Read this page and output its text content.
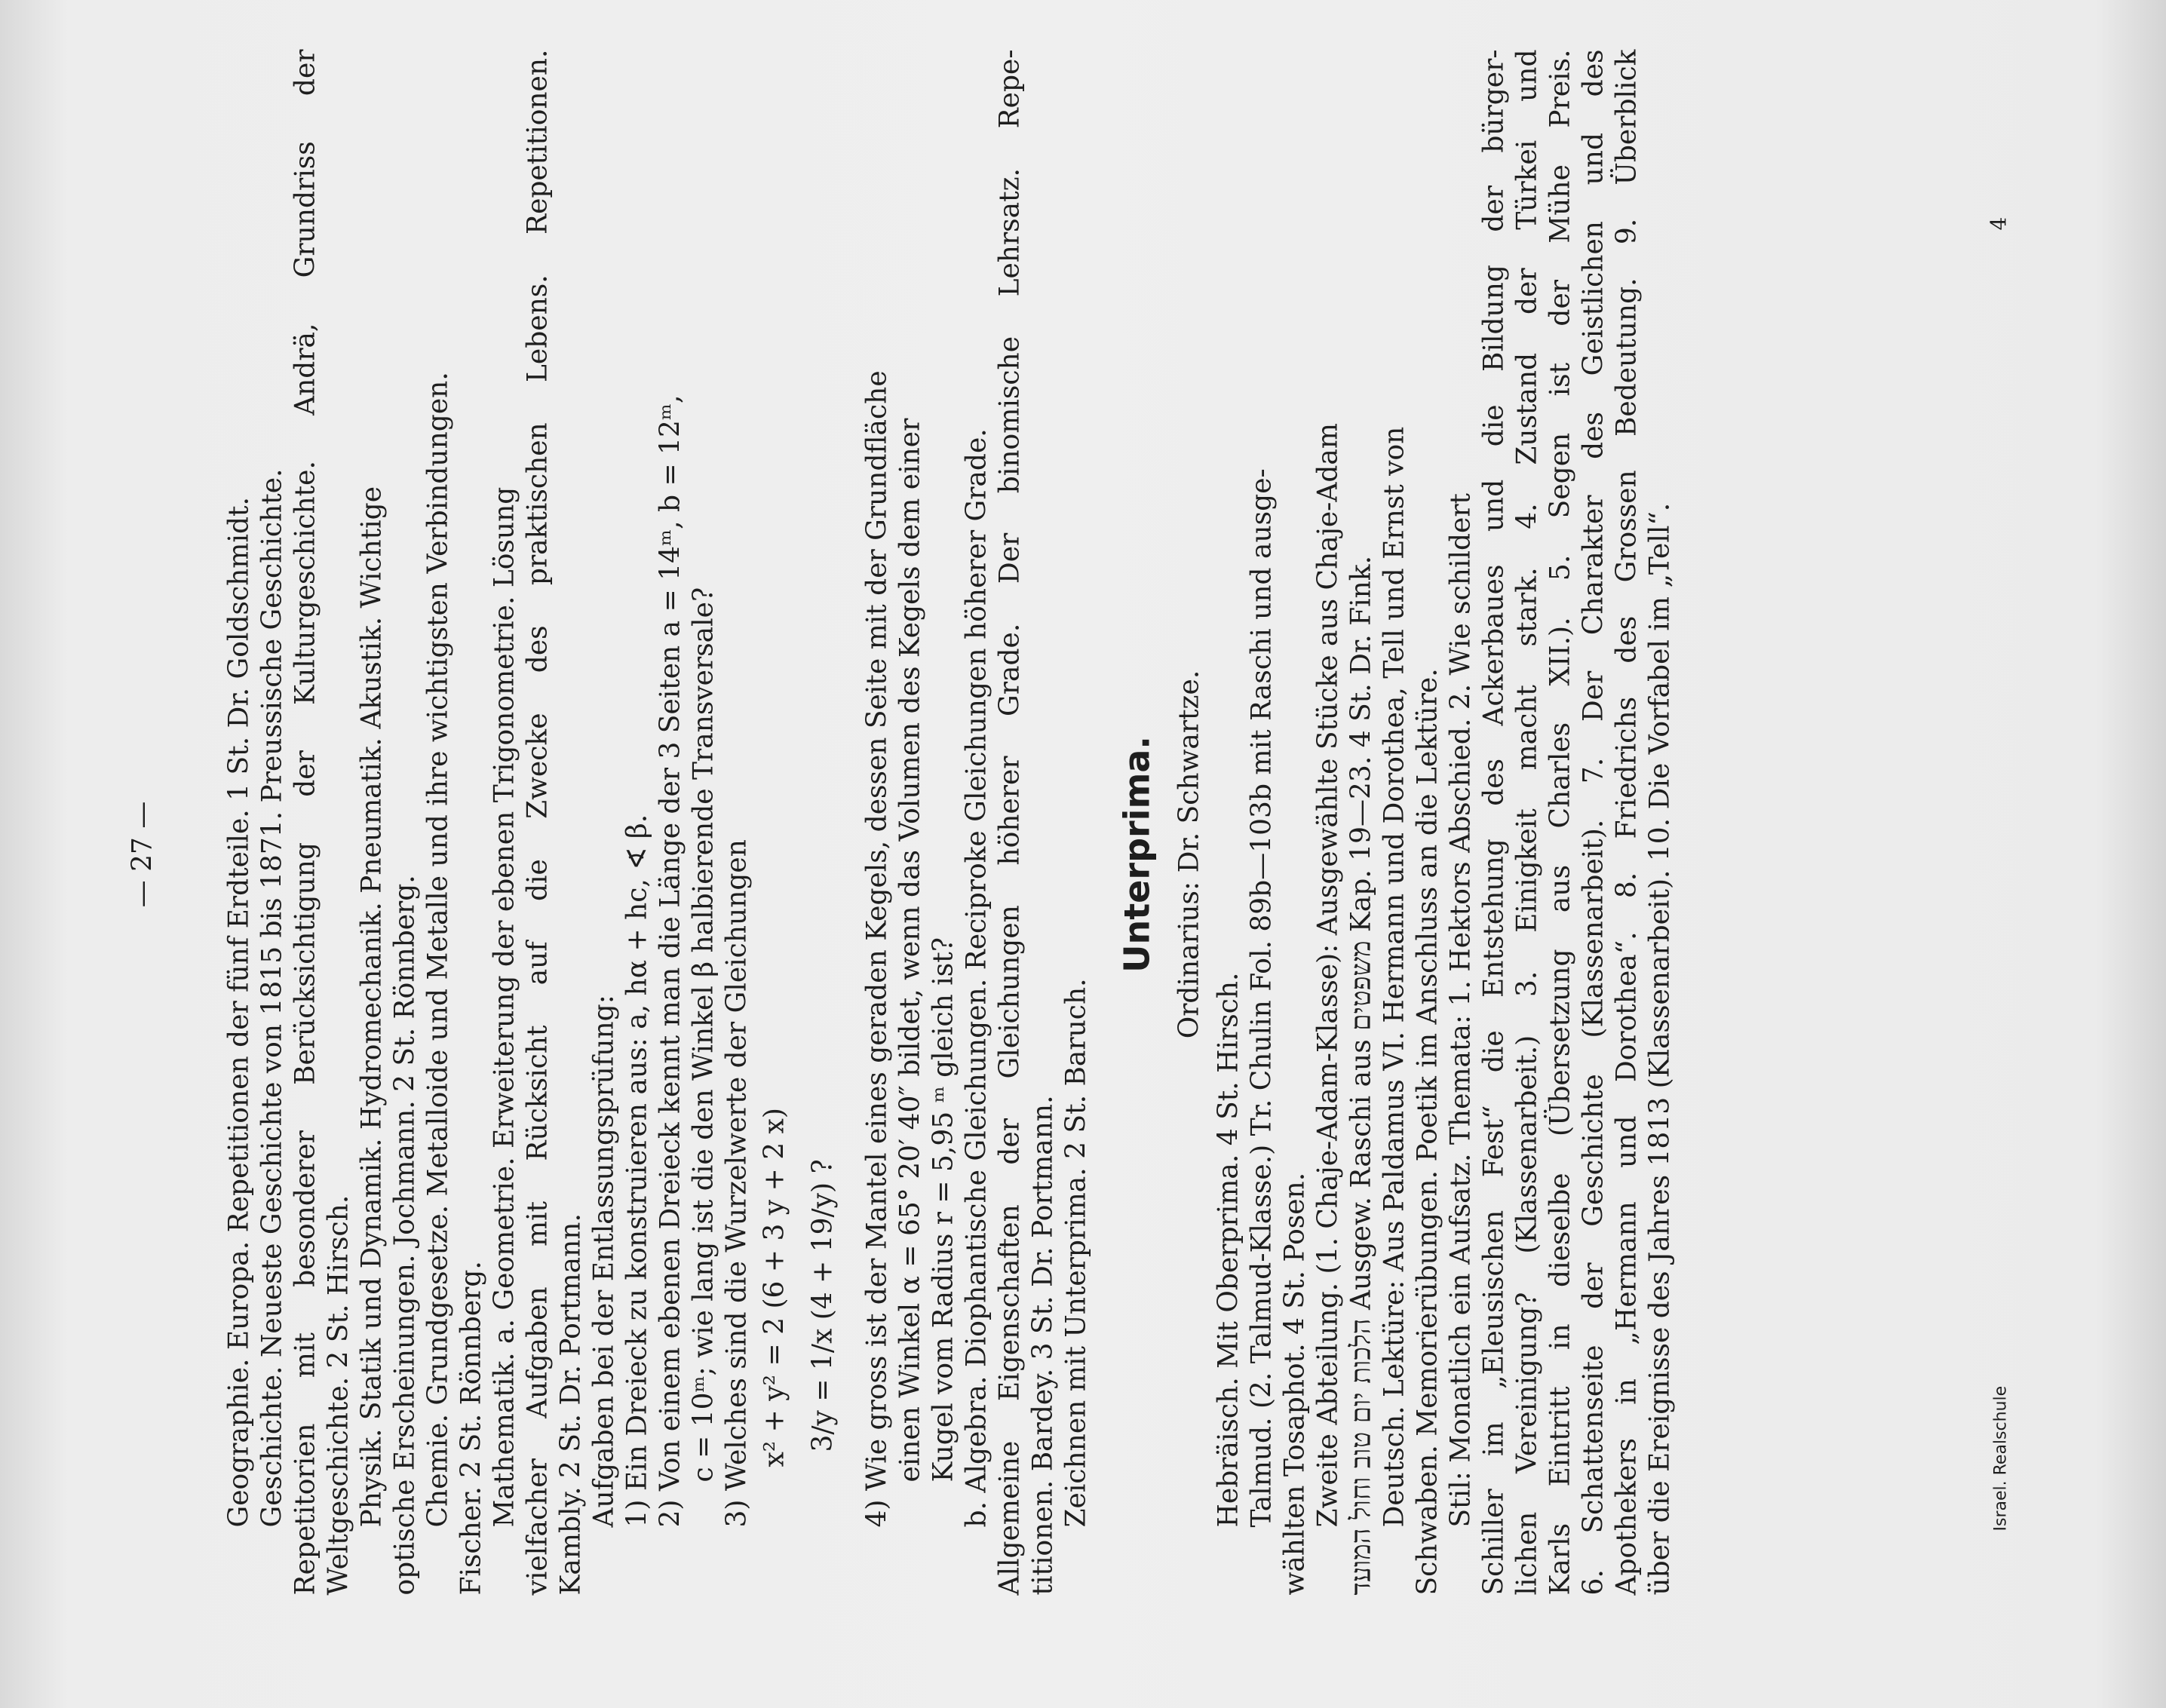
— 27 — Geographie. Europa. Repetitionen der fünf Erdteile. 1 St. Dr. Goldschmidt. Geschichte. Neueste Geschichte von 1815 bis 1871. Preussische Geschichte. Repetitorien mit besonderer Berücksichtigung der Kulturgeschichte. Andrä, Grundriss der Weltgeschichte. 2 St. Hirsch. Physik. Statik und Dynamik. Hydromechanik. Pneumatik. Akustik. Wichtige optische Erscheinungen. Jochmann. 2 St. Rönnberg. Chemie. Grundgesetze. Metalloide und Metalle und ihre wichtigsten Verbindungen. Fischer. 2 St. Rönnberg. Mathematik. a. Geometrie. Erweiterung der ebenen Trigonometrie. Lösung vielfacher Aufgaben mit Rücksicht auf die Zwecke des praktischen Lebens. Repetitionen. Kambly. 2 St. Dr. Portmann. Aufgaben bei der Entlassungsprüfung: 1) Ein Dreieck zu konstruieren aus: a, hα + hc, ∢ β. 2) Von einem ebenen Dreieck kennt man die Länge der 3 Seiten a = 14ᵐ, b = 12ᵐ, c = 10ᵐ; wie lang ist die den Winkel β halbierende Transversale? 3) Welches sind die Wurzelwerte der Gleichungen x² + y² = 2 (6 + 3 y + 2 x) 3/y = 1/x (4 + 19/y) ? 4) Wie gross ist der Mantel eines geraden Kegels, dessen Seite mit der Grundfläche einen Winkel α = 65° 20′ 40″ bildet, wenn das Volumen des Kegels dem einer Kugel vom Radius r = 5,95 ᵐ gleich ist? b. Algebra. Diophantische Gleichungen. Reciproke Gleichungen höherer Grade. Allgemeine Eigenschaften der Gleichungen höherer Grade. Der binomische Lehrsatz. Repe- titionen. Bardey. 3 St. Dr. Portmann. Zeichnen mit Unterprima. 2 St. Baruch.
Unterprima. Ordinarius: Dr. Schwartze.
Hebräisch. Mit Oberprima. 4 St. Hirsch. Talmud. (2. Talmud-Klasse.) Tr. Chulin Fol. 89b—103b mit Raschi und ausge- wählten Tosaphot. 4 St. Posen. Zweite Abteilung. (1. Chaje-Adam-Klasse): Ausgewählte Stücke aus Chaje-Adam הלכות יום טוב וחול המועד Ausgew. Raschi aus משפטים Kap. 19—23. 4 St. Dr. Fink. Deutsch. Lektüre: Aus Paldamus VI. Hermann und Dorothea, Tell und Ernst von Schwaben. Memorierübungen. Poetik im Anschluss an die Lektüre. Stil: Monatlich ein Aufsatz. Themata: 1. Hektors Abschied. 2. Wie schildert Schiller im „Eleusischen Fest“ die Entstehung des Ackerbaues und die Bildung der bürger- lichen Vereinigung? (Klassenarbeit.) 3. Einigkeit macht stark. 4. Zustand der Türkei und Karls Eintritt in dieselbe (Übersetzung aus Charles XII.). 5. Segen ist der Mühe Preis. 6. Schattenseite der Geschichte (Klassenarbeit). 7. Der Charakter des Geistlichen und des Apothekers in „Hermann und Dorothea“. 8. Friedrichs des Grossen Bedeutung. 9. Überblick über die Ereignisse des Jahres 1813 (Klassenarbeit). 10. Die Vorfabel im „Tell“.	Israel. Realschule
4
